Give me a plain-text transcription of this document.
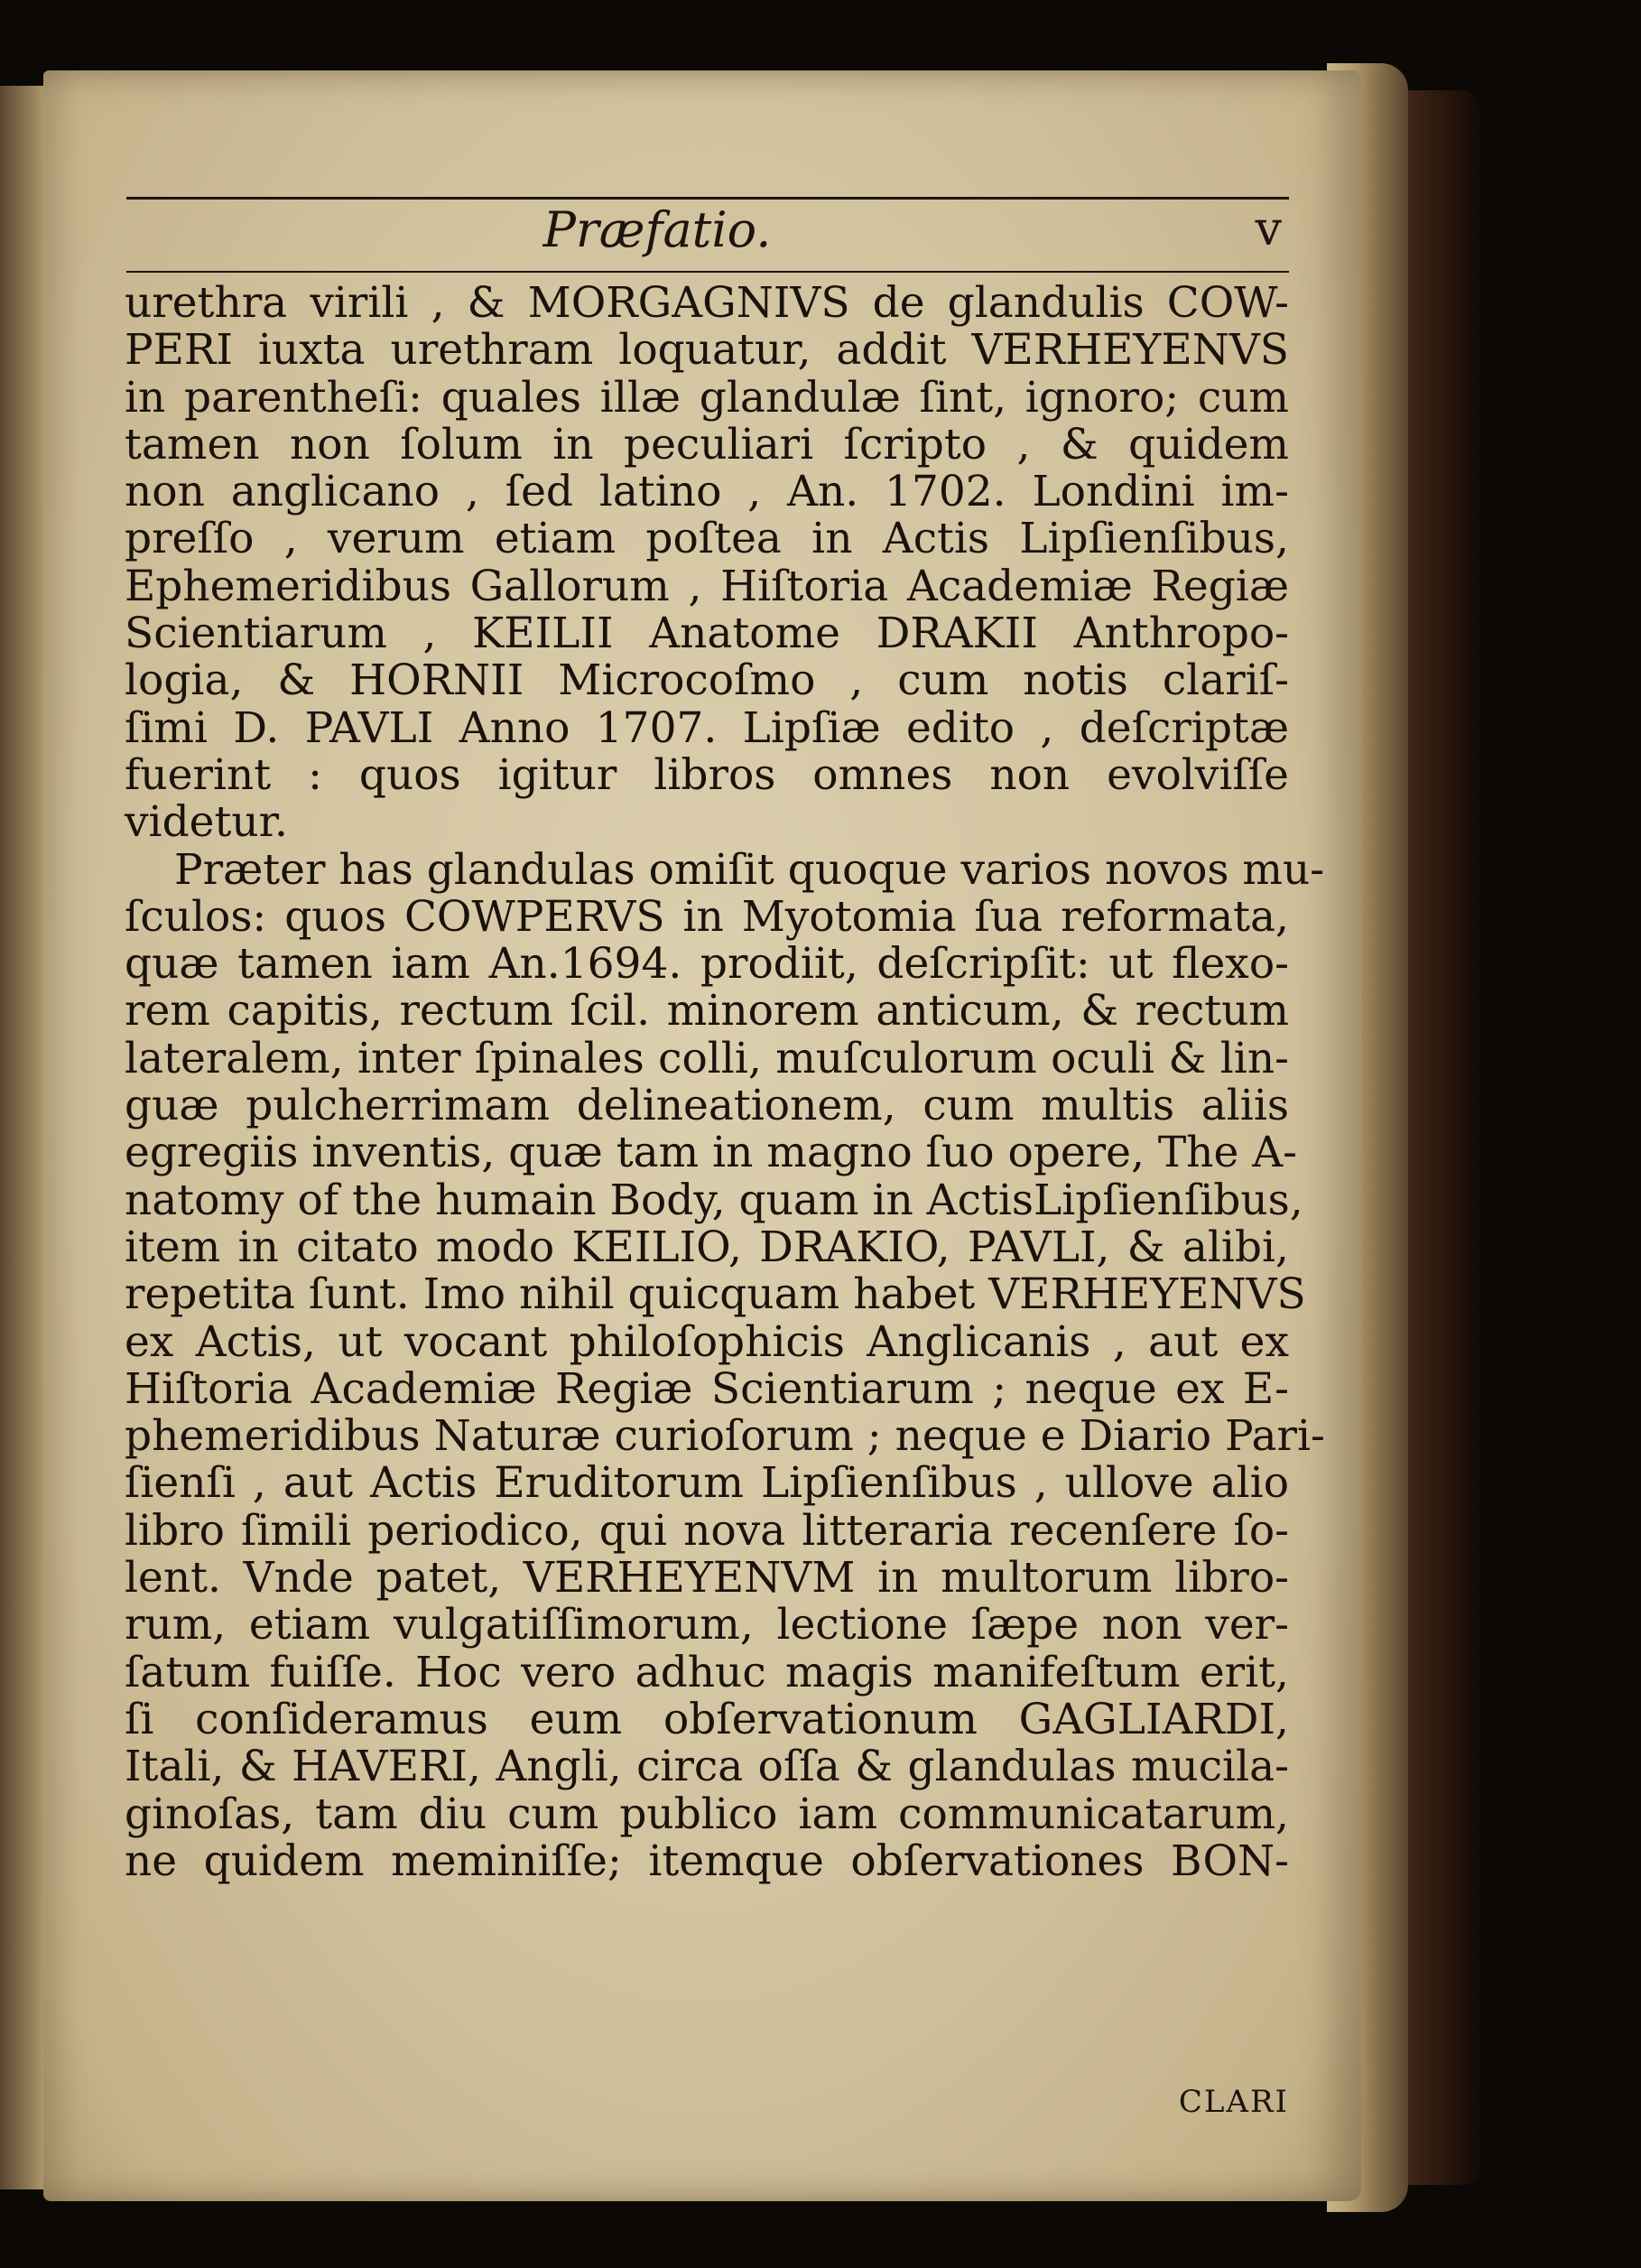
Præfatio.	v
urethra virili , & MORGAGNIVS de glandulis COW-
PERI iuxta urethram loquatur, addit VERHEYENVS
in parentheſi: quales illæ glandulæ ſint, ignoro; cum
tamen non ſolum in peculiari ſcripto , & quidem
non anglicano , ſed latino , An. 1702. Londini im-
preſſo , verum etiam poſtea in Actis Lipſienſibus,
Ephemeridibus Gallorum , Hiſtoria Academiæ Regiæ
Scientiarum , KEILII Anatome DRAKII Anthropo-
logia, & HORNII Microcoſmo , cum notis clariſ-
ſimi D. PAVLI Anno 1707. Lipſiæ edito , deſcriptæ
fuerint : quos igitur libros omnes non evolviſſe
videtur.
Præter has glandulas omiſit quoque varios novos mu-
ſculos: quos COWPERVS in Myotomia ſua reformata,
quæ tamen iam An.1694. prodiit, deſcripſit: ut flexo-
rem capitis, rectum ſcil. minorem anticum, & rectum
lateralem, inter ſpinales colli, muſculorum oculi & lin-
guæ pulcherrimam delineationem, cum multis aliis
egregiis inventis, quæ tam in magno ſuo opere, The A-
natomy of the humain Body, quam in ActisLipſienſibus,
item in citato modo KEILIO, DRAKIO, PAVLI, & alibi,
repetita ſunt. Imo nihil quicquam habet VERHEYENVS
ex Actis, ut vocant philoſophicis Anglicanis , aut ex
Hiſtoria Academiæ Regiæ Scientiarum ; neque ex E-
phemeridibus Naturæ curioſorum ; neque e Diario Pari-
ſienſi , aut Actis Eruditorum Lipſienſibus , ullove alio
libro ſimili periodico, qui nova litteraria recenſere ſo-
lent. Vnde patet, VERHEYENVM in multorum libro-
rum, etiam vulgatiſſimorum, lectione ſæpe non ver-
ſatum fuiſſe. Hoc vero adhuc magis manifeſtum erit,
ſi conſideramus eum obſervationum GAGLIARDI,
Itali, & HAVERI, Angli, circa oſſa & glandulas mucila-
ginoſas, tam diu cum publico iam communicatarum,
ne quidem meminiſſe; itemque obſervationes BON-
CLARI
